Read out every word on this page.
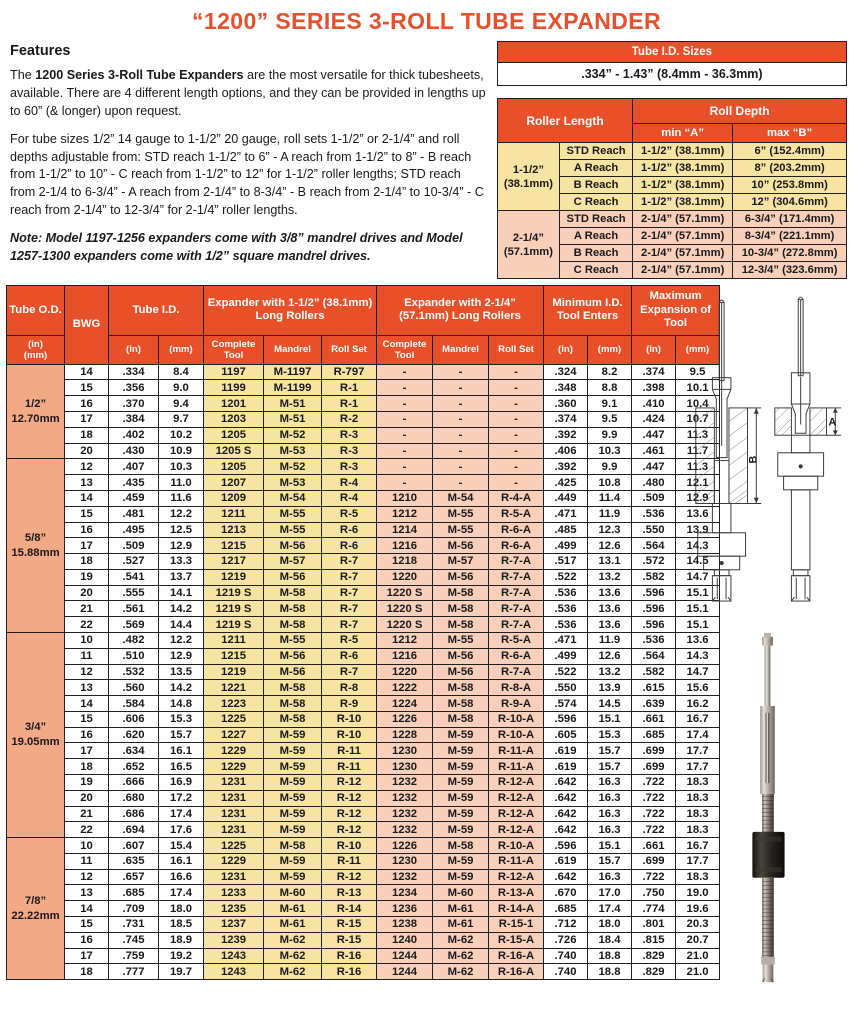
“1200” SERIES 3-ROLL TUBE EXPANDER
Features

The 1200 Series 3-Roll Tube Expanders are the most versatile for thick tubesheets, available. There are 4 different length options, and they can be provided in lengths up to 60” (& longer) upon request.

For tube sizes 1/2” 14 gauge to 1-1/2” 20 gauge, roll sets 1-1/2” or 2-1/4” and roll depths adjustable from: STD reach 1-1/2” to 6” - A reach from 1-1/2” to 8” - B reach from 1-1/2” to 10” - C reach from 1-1/2” to 12” for 1-1/2” roller lengths; STD reach from 2-1/4 to 6-3/4” - A reach from 2-1/4” to 8-3/4” - B reach from 2-1/4” to 10-3/4” - C reach from 2-1/4” to 12-3/4” for 2-1/4” roller lengths.

Note: Model 1197-1256 expanders come with 3/8” mandrel drives and Model 1257-1300 expanders come with 1/2” square mandrel drives.

Tube I.D. Sizes
.334” - 1.43” (8.4mm - 36.3mm)
Roller Length		Roll Depth	
		min “A”	max “B”
1-1/2”
(38.1mm)	STD Reach	1-1/2” (38.1mm)	6” (152.4mm)
	A Reach	1-1/2” (38.1mm)	8” (203.2mm)
	B Reach	1-1/2” (38.1mm)	10” (253.8mm)
	C Reach	1-1/2” (38.1mm)	12” (304.6mm)
2-1/4”
(57.1mm)	STD Reach	2-1/4” (57.1mm)	6-3/4” (171.4mm)
	A Reach	2-1/4” (57.1mm)	8-3/4” (221.1mm)
	B Reach	2-1/4” (57.1mm)	10-3/4” (272.8mm)
	C Reach	2-1/4” (57.1mm)	12-3/4” (323.6mm)
Tube O.D.	BWG	Tube I.D.		Expander with 1-1/2” (38.1mm) Long Rollers			Expander with 2-1/4” (57.1mm) Long Rollers			Minimum I.D. Tool Enters		Maximum Expansion of Tool	
(in)
(mm)		(in)	(mm)	Complete Tool	Mandrel	Roll Set	Complete Tool	Mandrel	Roll Set	(in)	(mm)	(in)	(mm)
1/2”
12.70mm	14	.334	8.4	1197	M-1197	R-797	-	-	-	.324	8.2	.374	9.5
	15	.356	9.0	1199	M-1199	R-1	-	-	-	.348	8.8	.398	10.1
	16	.370	9.4	1201	M-51	R-1	-	-	-	.360	9.1	.410	10.4
	17	.384	9.7	1203	M-51	R-2	-	-	-	.374	9.5	.424	10.7
	18	.402	10.2	1205	M-52	R-3	-	-	-	.392	9.9	.447	11.3
	20	.430	10.9	1205 S	M-53	R-3	-	-	-	.406	10.3	.461	11.7
5/8”
15.88mm	12	.407	10.3	1205	M-52	R-3	-	-	-	.392	9.9	.447	11.3
	13	.435	11.0	1207	M-53	R-4	-	-	-	.425	10.8	.480	12.1
	14	.459	11.6	1209	M-54	R-4	1210	M-54	R-4-A	.449	11.4	.509	12.9
	15	.481	12.2	1211	M-55	R-5	1212	M-55	R-5-A	.471	11.9	.536	13.6
	16	.495	12.5	1213	M-55	R-6	1214	M-55	R-6-A	.485	12.3	.550	13.9
	17	.509	12.9	1215	M-56	R-6	1216	M-56	R-6-A	.499	12.6	.564	14.3
	18	.527	13.3	1217	M-57	R-7	1218	M-57	R-7-A	.517	13.1	.572	14.5
	19	.541	13.7	1219	M-56	R-7	1220	M-56	R-7-A	.522	13.2	.582	14.7
	20	.555	14.1	1219 S	M-58	R-7	1220 S	M-58	R-7-A	.536	13.6	.596	15.1
	21	.561	14.2	1219 S	M-58	R-7	1220 S	M-58	R-7-A	.536	13.6	.596	15.1
	22	.569	14.4	1219 S	M-58	R-7	1220 S	M-58	R-7-A	.536	13.6	.596	15.1
3/4”
19.05mm	10	.482	12.2	1211	M-55	R-5	1212	M-55	R-5-A	.471	11.9	.536	13.6
	11	.510	12.9	1215	M-56	R-6	1216	M-56	R-6-A	.499	12.6	.564	14.3
	12	.532	13.5	1219	M-56	R-7	1220	M-56	R-7-A	.522	13.2	.582	14.7
	13	.560	14.2	1221	M-58	R-8	1222	M-58	R-8-A	.550	13.9	.615	15.6
	14	.584	14.8	1223	M-58	R-9	1224	M-58	R-9-A	.574	14.5	.639	16.2
	15	.606	15.3	1225	M-58	R-10	1226	M-58	R-10-A	.596	15.1	.661	16.7
	16	.620	15.7	1227	M-59	R-10	1228	M-59	R-10-A	.605	15.3	.685	17.4
	17	.634	16.1	1229	M-59	R-11	1230	M-59	R-11-A	.619	15.7	.699	17.7
	18	.652	16.5	1229	M-59	R-11	1230	M-59	R-11-A	.619	15.7	.699	17.7
	19	.666	16.9	1231	M-59	R-12	1232	M-59	R-12-A	.642	16.3	.722	18.3
	20	.680	17.2	1231	M-59	R-12	1232	M-59	R-12-A	.642	16.3	.722	18.3
	21	.686	17.4	1231	M-59	R-12	1232	M-59	R-12-A	.642	16.3	.722	18.3
	22	.694	17.6	1231	M-59	R-12	1232	M-59	R-12-A	.642	16.3	.722	18.3
7/8”
22.22mm	10	.607	15.4	1225	M-58	R-10	1226	M-58	R-10-A	.596	15.1	.661	16.7
	11	.635	16.1	1229	M-59	R-11	1230	M-59	R-11-A	.619	15.7	.699	17.7
	12	.657	16.6	1231	M-59	R-12	1232	M-59	R-12-A	.642	16.3	.722	18.3
	13	.685	17.4	1233	M-60	R-13	1234	M-60	R-13-A	.670	17.0	.750	19.0
	14	.709	18.0	1235	M-61	R-14	1236	M-61	R-14-A	.685	17.4	.774	19.6
	15	.731	18.5	1237	M-61	R-15	1238	M-61	R-15-1	.712	18.0	.801	20.3
	16	.745	18.9	1239	M-62	R-15	1240	M-62	R-15-A	.726	18.4	.815	20.7
	17	.759	19.2	1243	M-62	R-16	1244	M-62	R-16-A	.740	18.8	.829	21.0
	18	.777	19.7	1243	M-62	R-16	1244	M-62	R-16-A	.740	18.8	.829	21.0
B
A
